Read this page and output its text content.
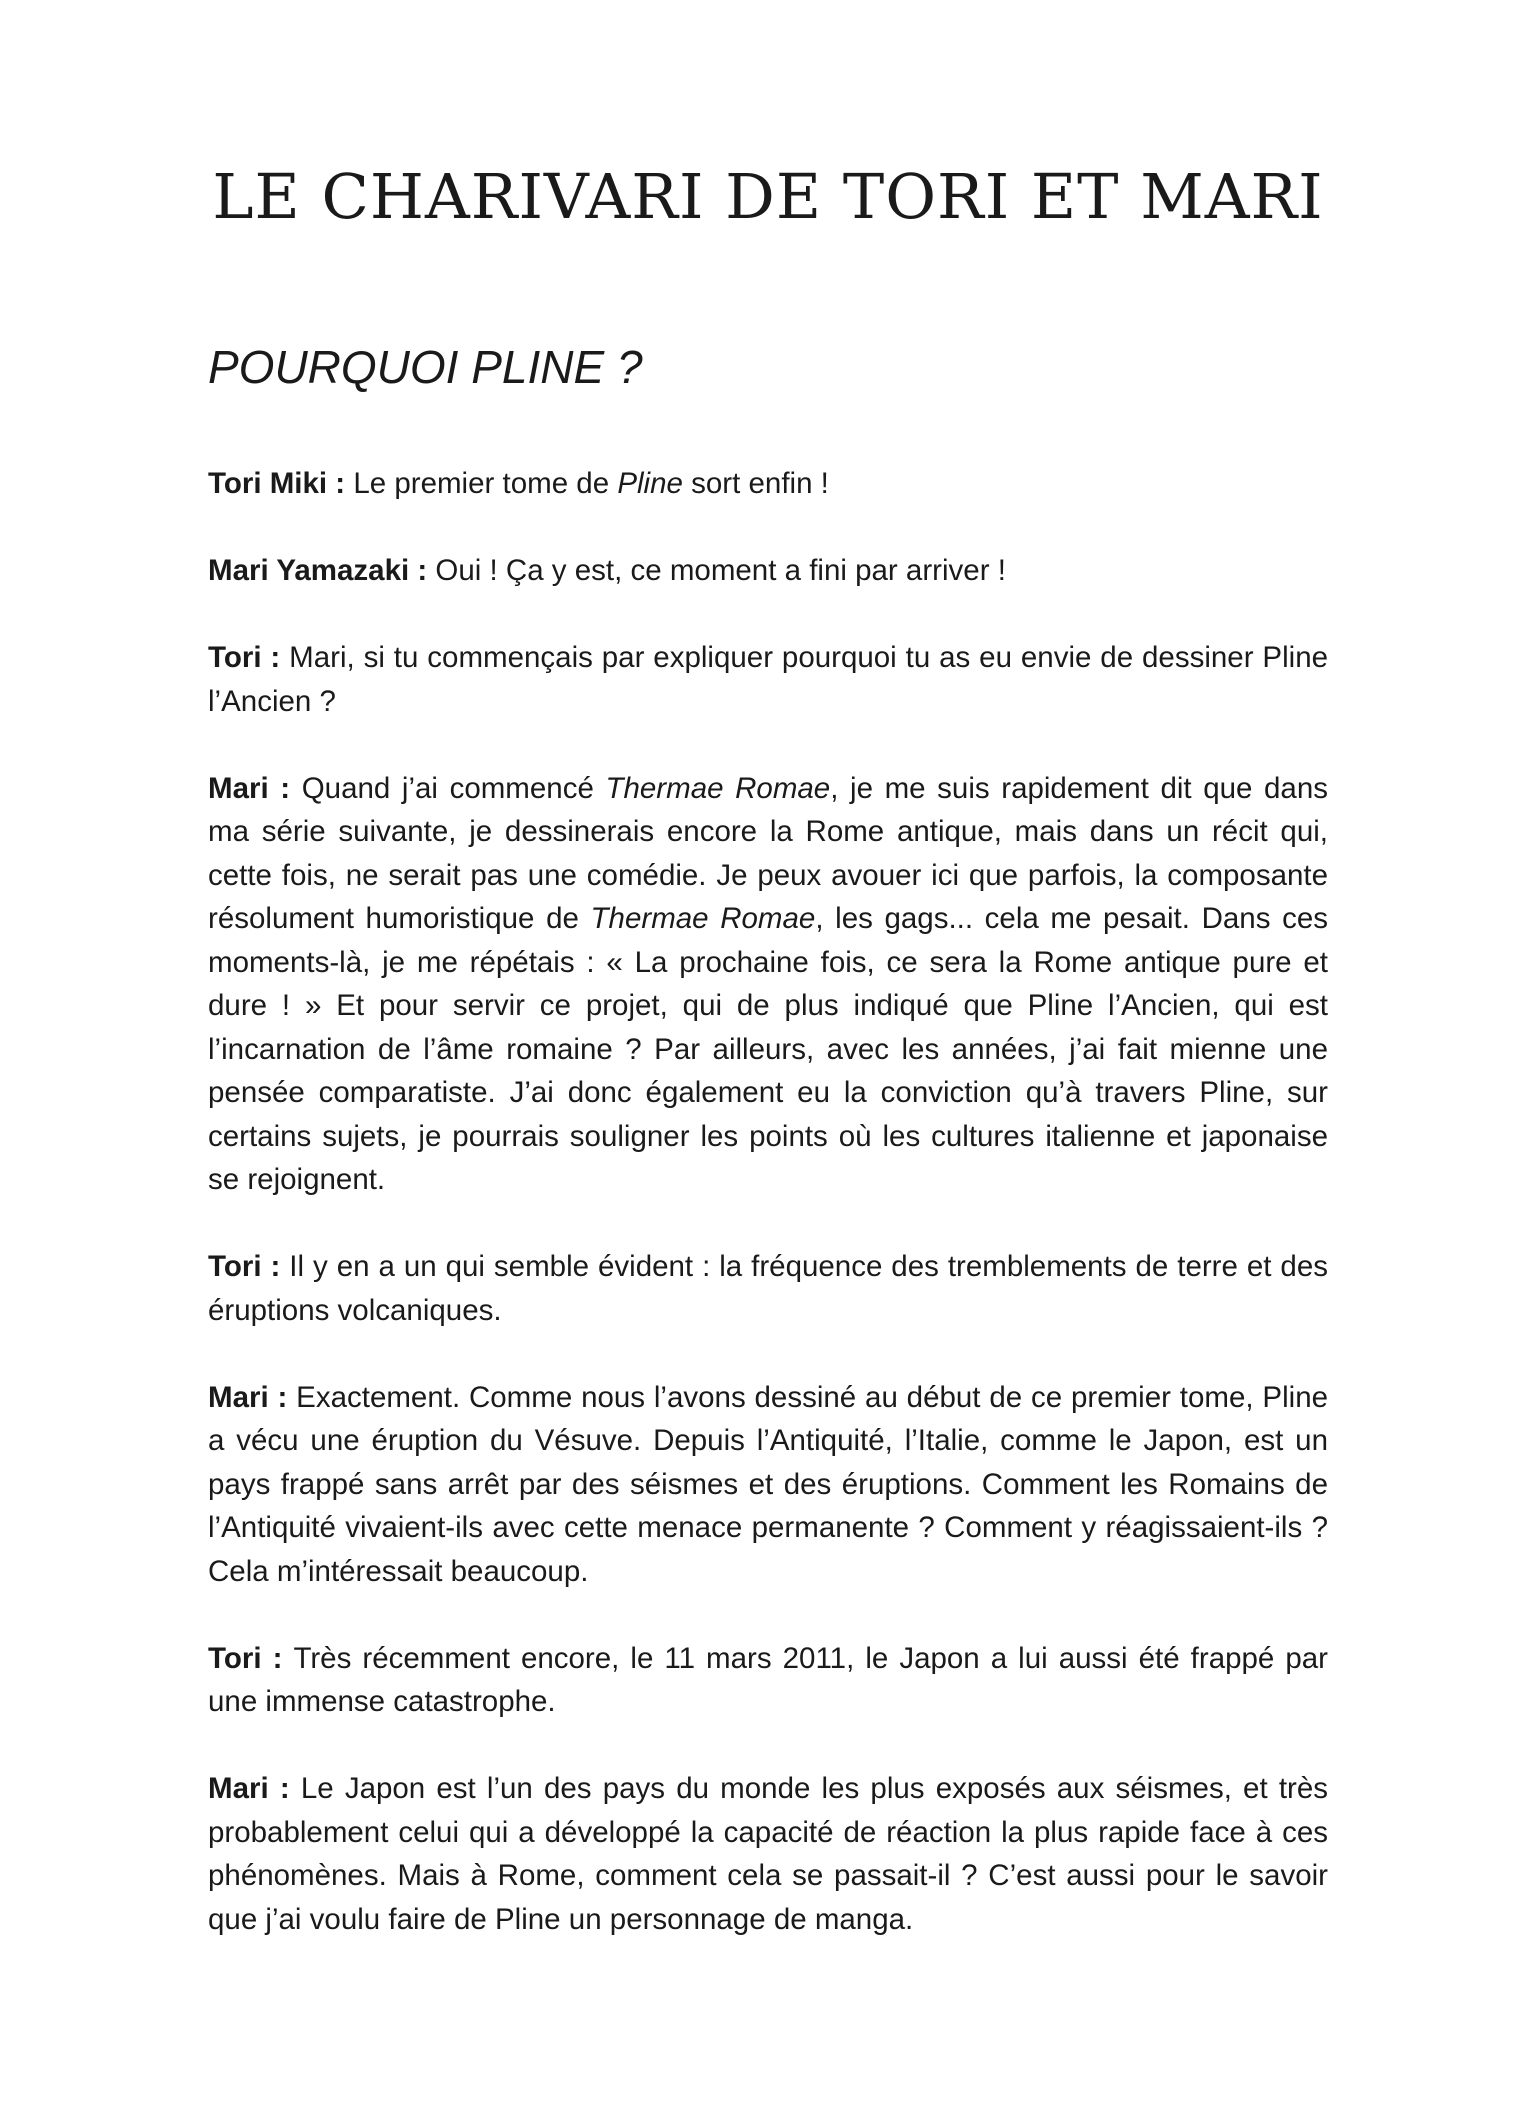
LE CHARIVARI DE TORI ET MARI
POURQUOI PLINE ?

Tori Miki : Le premier tome de Pline sort enfin !

Mari Yamazaki : Oui ! Ça y est, ce moment a fini par arriver !

Tori : Mari, si tu commençais par expliquer pourquoi tu as eu envie de dessiner Pline l’Ancien ?

Mari : Quand j’ai commencé Thermae Romae, je me suis rapidement dit que dans ma série suivante, je dessinerais encore la Rome antique, mais dans un récit qui, cette fois, ne serait pas une comédie. Je peux avouer ici que parfois, la composante résolument humoristique de Thermae Romae, les gags... cela me pesait. Dans ces moments-là, je me répétais : « La prochaine fois, ce sera la Rome antique pure et dure ! » Et pour servir ce projet, qui de plus indiqué que Pline l’Ancien, qui est l’incarnation de l’âme romaine ? Par ailleurs, avec les années, j’ai fait mienne une pensée comparatiste. J’ai donc également eu la conviction qu’à travers Pline, sur certains sujets, je pourrais souligner les points où les cultures italienne et japonaise se rejoignent.

Tori : Il y en a un qui semble évident : la fréquence des tremblements de terre et des éruptions volcaniques.

Mari : Exactement. Comme nous l’avons dessiné au début de ce premier tome, Pline a vécu une éruption du Vésuve. Depuis l’Antiquité, l’Italie, comme le Japon, est un pays frappé sans arrêt par des séismes et des éruptions. Comment les Romains de l’Antiquité vivaient-ils avec cette menace permanente ? Comment y réagissaient-ils ? Cela m’intéressait beaucoup.

Tori : Très récemment encore, le 11 mars 2011, le Japon a lui aussi été frappé par une immense catastrophe.

Mari : Le Japon est l’un des pays du monde les plus exposés aux séismes, et très probablement celui qui a développé la capacité de réaction la plus rapide face à ces phénomènes. Mais à Rome, comment cela se passait-il ? C’est aussi pour le savoir que j’ai voulu faire de Pline un personnage de manga.
